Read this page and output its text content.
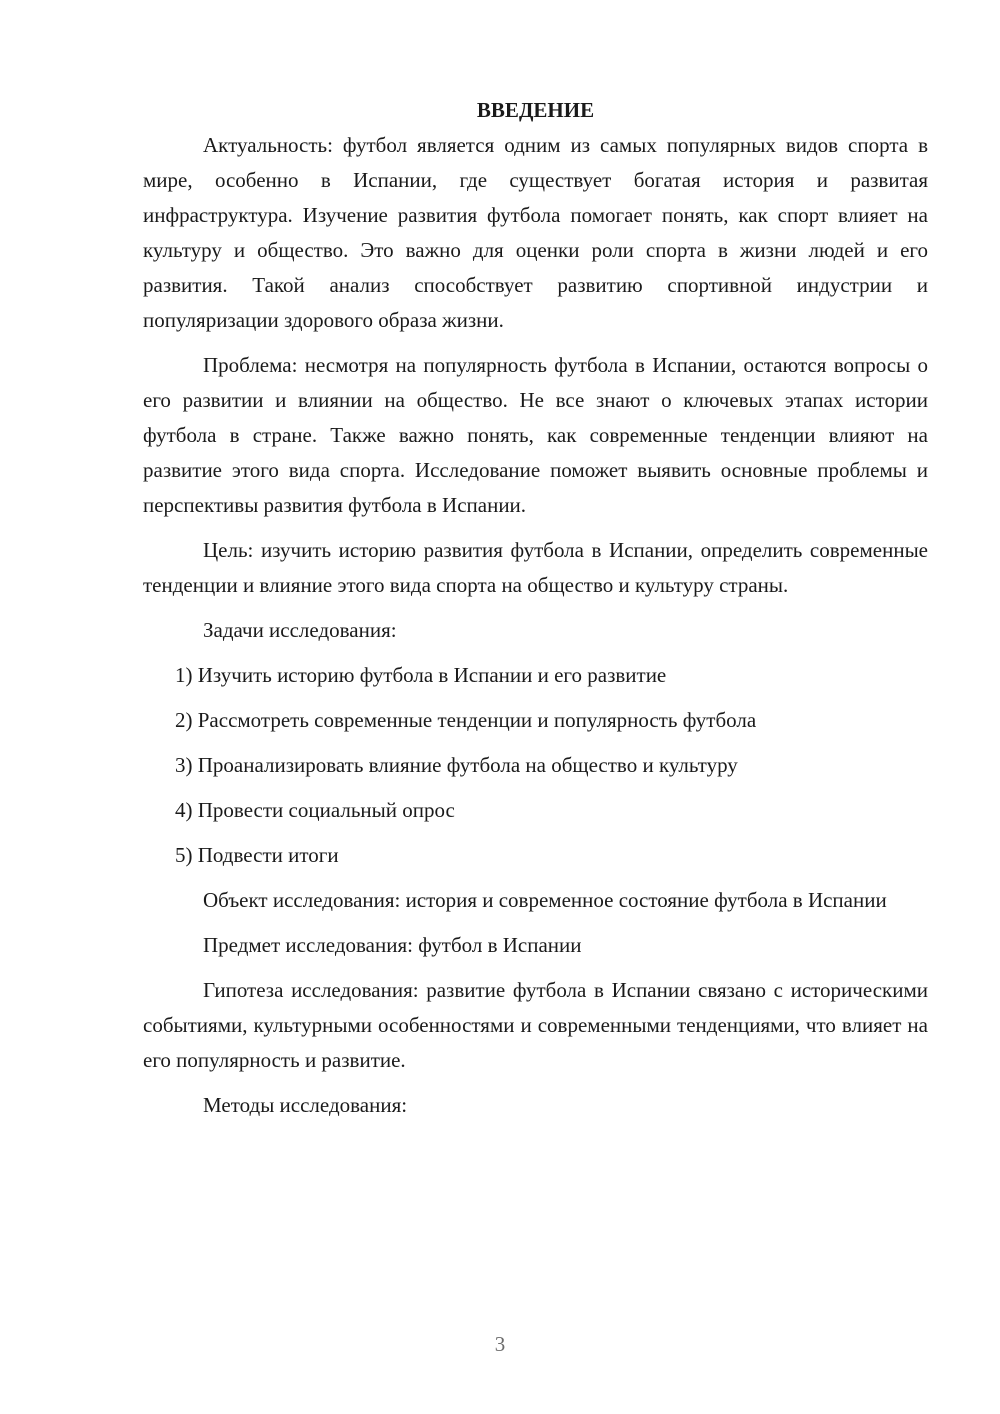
ВВЕДЕНИЕ

Актуальность: футбол является одним из самых популярных видов спорта в мире, особенно в Испании, где существует богатая история и развитая инфраструктура. Изучение развития футбола помогает понять, как спорт влияет на культуру и общество. Это важно для оценки роли спорта в жизни людей и его развития. Такой анализ способствует развитию спортивной индустрии и популяризации здорового образа жизни.

Проблема: несмотря на популярность футбола в Испании, остаются вопросы о его развитии и влиянии на общество. Не все знают о ключевых этапах истории футбола в стране. Также важно понять, как современные тенденции влияют на развитие этого вида спорта. Исследование поможет выявить основные проблемы и перспективы развития футбола в Испании.

Цель: изучить историю развития футбола в Испании, определить современные тенденции и влияние этого вида спорта на общество и культуру страны.

Задачи исследования:

1) Изучить историю футбола в Испании и его развитие
2) Рассмотреть современные тенденции и популярность футбола
3) Проанализировать влияние футбола на общество и культуру
4) Провести социальный опрос
5) Подвести итоги

Объект исследования: история и современное состояние футбола в Испании

Предмет исследования: футбол в Испании

Гипотеза исследования: развитие футбола в Испании связано с историческими событиями, культурными особенностями и современными тенденциями, что влияет на его популярность и развитие.

Методы исследования:

3
